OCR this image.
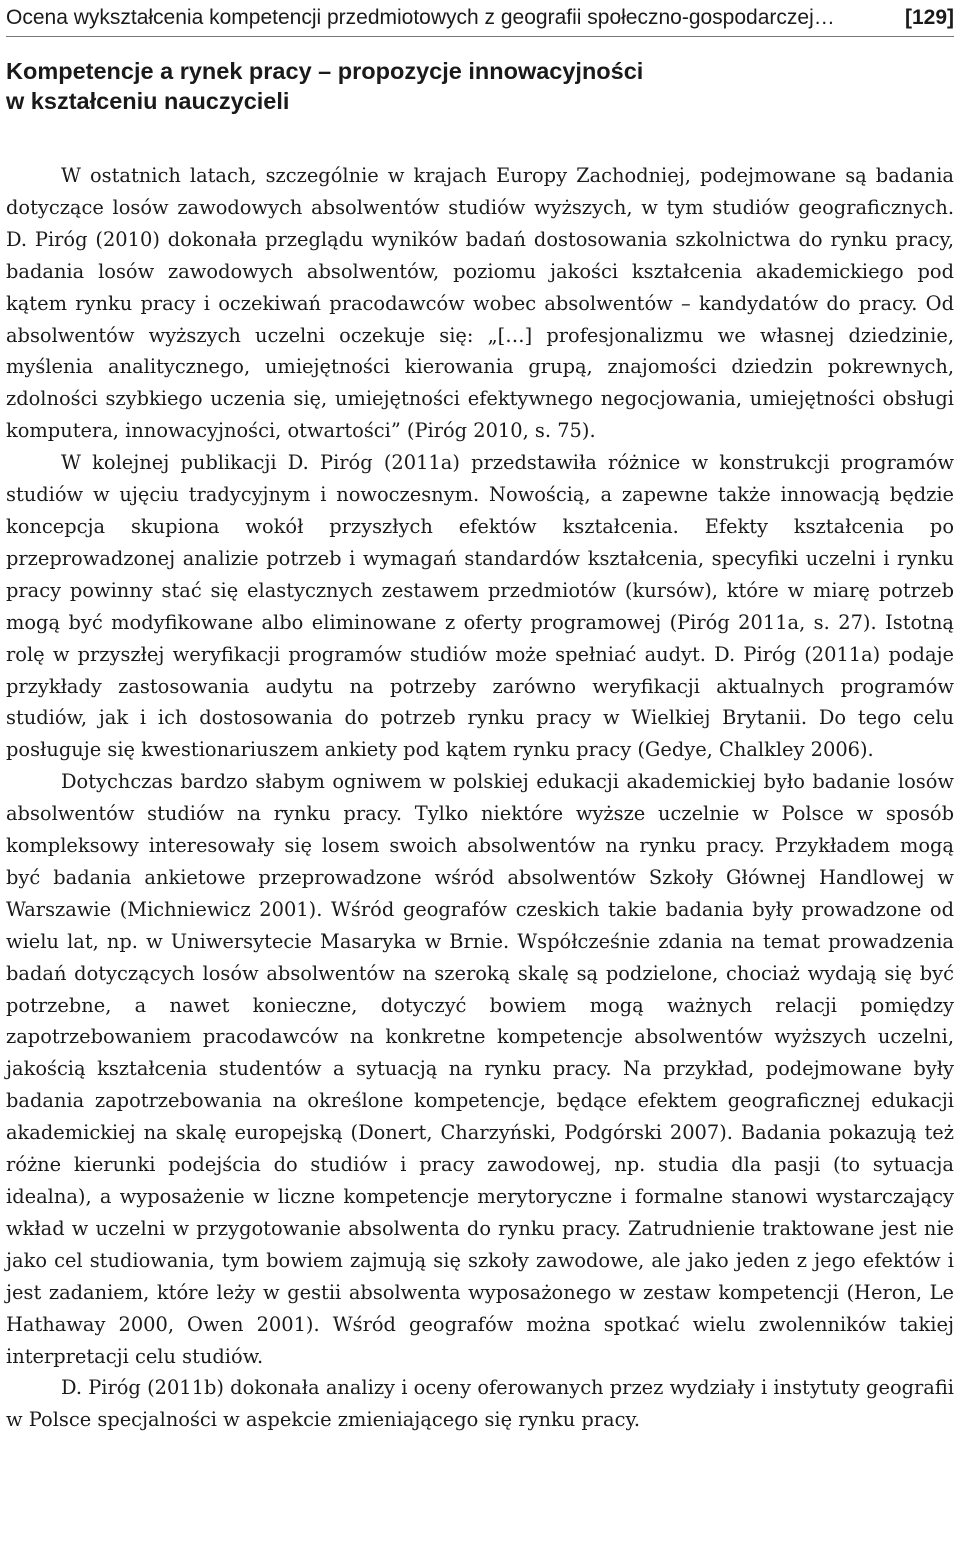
Ocena wykształcenia kompetencji przedmiotowych z geografii społeczno-gospodarczej…	[129]
Kompetencje a rynek pracy – propozycje innowacyjności
w kształceniu nauczycieli

W ostatnich latach, szczególnie w krajach Europy Zachodniej, podejmowane są badania dotyczące losów zawodowych absolwentów studiów wyższych, w tym studiów geograficznych. D. Piróg (2010) dokonała przeglądu wyników badań dostosowania szkolnictwa do rynku pracy, badania losów zawodowych absolwentów, poziomu jakości kształcenia akademickiego pod kątem rynku pracy i oczekiwań pracodawców wobec absolwentów – kandydatów do pracy. Od absolwentów wyższych uczelni oczekuje się: „[…] profesjonalizmu we własnej dziedzinie, myślenia analitycznego, umiejętności kierowania grupą, znajomości dziedzin pokrewnych, zdolności szybkiego uczenia się, umiejętności efektywnego negocjowania, umiejętności obsługi komputera, innowacyjności, otwartości” (Piróg 2010, s. 75).

W kolejnej publikacji D. Piróg (2011a) przedstawiła różnice w konstrukcji programów studiów w ujęciu tradycyjnym i nowoczesnym. Nowością, a zapewne także innowacją będzie koncepcja skupiona wokół przyszłych efektów kształcenia. Efekty kształcenia po przeprowadzonej analizie potrzeb i wymagań standardów kształcenia, specyfiki uczelni i rynku pracy powinny stać się elastycznych zestawem przedmiotów (kursów), które w miarę potrzeb mogą być modyfikowane albo eliminowane z oferty programowej (Piróg 2011a, s. 27). Istotną rolę w przyszłej weryfikacji programów studiów może spełniać audyt. D. Piróg (2011a) podaje przykłady zastosowania audytu na potrzeby zarówno weryfikacji aktualnych programów studiów, jak i ich dostosowania do potrzeb rynku pracy w Wielkiej Brytanii. Do tego celu posługuje się kwestionariuszem ankiety pod kątem rynku pracy (Gedye, Chalkley 2006).

Dotychczas bardzo słabym ogniwem w polskiej edukacji akademickiej było badanie losów absolwentów studiów na rynku pracy. Tylko niektóre wyższe uczelnie w Polsce w sposób kompleksowy interesowały się losem swoich absolwentów na rynku pracy. Przykładem mogą być badania ankietowe przeprowadzone wśród absolwentów Szkoły Głównej Handlowej w Warszawie (Michniewicz 2001). Wśród geografów czeskich takie badania były prowadzone od wielu lat, np. w Uniwersytecie Masaryka w Brnie. Współcześnie zdania na temat prowadzenia badań dotyczących losów absolwentów na szeroką skalę są podzielone, chociaż wydają się być potrzebne, a nawet konieczne, dotyczyć bowiem mogą ważnych relacji pomiędzy zapotrzebowaniem pracodawców na konkretne kompetencje absolwentów wyższych uczelni, jakością kształcenia studentów a sytuacją na rynku pracy. Na przykład, podejmowane były badania zapotrzebowania na określone kompetencje, będące efektem geograficznej edukacji akademickiej na skalę europejską (Donert, Charzyński, Podgórski 2007). Badania pokazują też różne kierunki podejścia do studiów i pracy zawodowej, np. studia dla pasji (to sytuacja idealna), a wyposażenie w liczne kompetencje merytoryczne i formalne stanowi wystarczający wkład w uczelni w przygotowanie absolwenta do rynku pracy. Zatrudnienie traktowane jest nie jako cel studiowania, tym bowiem zajmują się szkoły zawodowe, ale jako jeden z jego efektów i jest zadaniem, które leży w gestii absolwenta wyposażonego w zestaw kompetencji (Heron, Le Hathaway 2000, Owen 2001). Wśród geografów można spotkać wielu zwolenników takiej interpretacji celu studiów.

D. Piróg (2011b) dokonała analizy i oceny oferowanych przez wydziały i instytuty geografii w Polsce specjalności w aspekcie zmieniającego się rynku pracy.
